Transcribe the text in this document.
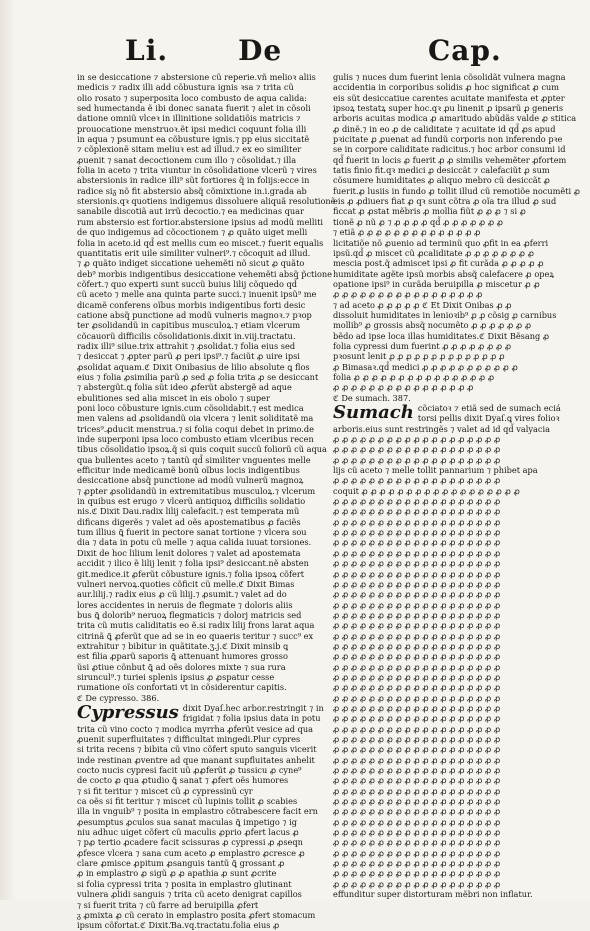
Li.	De	Cap.
in se desiccatione ⁊ abstersione cũ reperie.vñ melioꝛ aliis
medicis ⁊ radix illi add cõbustura ignis ꝛsa ⁊ trita cũ
olio rosato ⁊ superposita loco combusto de aqua calida:
sed humectanda ẽ ibi donec sanata fuerit ⁊ alet in cõsoli
datione omniũ vlceꝛ in illinitione solidatiõis matricis ⁊
prouocatione menstruoꝛ.ẽt ipsi medici coquunt folia illi
in aqua ⁊ psumunt ea cõbusture ignis.⁊ pp eius siccitatẽ
⁊ cõplexionẽ sitam meliuꝛ est ad illud.⁊ ex eo similiter
ꝓuenit ⁊ sanat decoctionem cum illo ⁊ cõsolidat.⁊ illa
folia in aceto ⁊ trita viuntur in cõsolidatione vlcerũ ⁊ vires
abstersionis in radice illi⁹ sũt fortiores q̃ in folijs:ecce in
radice siᵹ nõ fit abstersio absq̃ cõmixtione in.i.grada ab
stersionis.qꝛ quotiens indigemus dissoluere aliquã resolutionẽ
sanabile discotiã aut irrũ decoctio.⁊ ea medicinas quar
rum abstersio est fortior.abstersione ipsius ad modũ melliti
de quo indigemus ad cõcoctionem ⁊ ꝓ quãto uiget melli
folia in aceto.id qd̃ est mellis cum eo miscet.⁊ fuerit equalis
quantitatis erit uile similiter vulneri⁹.⁊ cõcoquit ad illud.
⁊ ꝓ quãto indiget siccatione uehemẽti nõ sicut ꝓ quãto
deb⁹ morbis indigentibus desiccatione vehemẽti absq̃ p̃ctione
cõfert.⁊ quo experti sunt succũ buius lilij cõquedo qd̃
cũ aceto ⁊ melle ana quinta parte succi.⁊ inuenit ipsũ⁹ me
dicamẽ conferens oĩbus morbis indigentibus forti desic
catione absq̃ punctione ad modũ vulneris magnoꝛ.⁊ pꝛop
ter ꝓsolidandũ in capitibus musculoꝝ.⁊ etiam vlcerum
cõcauorũ difficilis cõsolidationis.dixit in.viij.tractatu.
radix illi⁹ silue.trix attrahit ⁊ ꝓsolidat.⁊ folia eius sed
⁊ desiccat ⁊ ꝓpter parũ ꝓ peri ipsi⁹.⁊ faciũt ꝓ uire ipsi
ꝓsolidat aquam.ℭ Dixit Onibasius de lilio absolute ꝗ flos
eius ⁊ folia ꝓsimilia parũ ꝓ sed ꝓ folia trita ꝓ se desiccant
⁊ abstergũt.ꝗ folia sũt ideo ꝓferũt abstergẽ ad aque
ebulitiones sed alia miscet in eis obolo ⁊ super
poni loco cõbusture ignis.cum cõsolidabit.⁊ est medica
men valens ad ꝓsolidandũ oia vlcera ⁊ lenit soliditatẽ ma
trices⁹.ꝓducit menstrua.⁊ si folia coqui debet in primo.de
inde superponi ipsa loco combusto etiam vlceribus recen
tibus cõsolidatio ipsoꝝ.q̃ si quis coquit succũ foliorũ cũ aqua
qua bullentes aceto ⁊ tantũ qd̃ similiter vnguentes melle
efficitur inde medicamẽ bonũ oĩbus locis indigentibus
desiccatione absq̃ punctione ad modũ vulnerũ magnoꝝ
⁊ ꝓpter ꝓsolidandũ in extremitatibus musculoꝝ.⁊ vlcerum
in quibus est erugo ⁊ vlcerũ antiquoꝝ difficilis solidatio
nis.ℭ Dixit Dau.radix lilij calefacit.⁊ est temperata mũ
dificans digerẽs ⁊ valet ad oẽs apostematibus ꝓ faciẽs
tum illius ꝗ̃ fuerit in pectore sanat tortione ⁊ vlcera sou
dia ⁊ data in potu cũ melle ⁊ aqua calida iuuat torsiones.
Dixit de hoc lilium lenit dolores ⁊ valet ad apostemata
accidit ⁊ ilico ẽ lilij lenit ⁊ folia ipsi⁹ desiccant.nẽ absten
git.medice.it ꝓferũt cõbusture ignis.⁊ folia ipsoꝝ cõfert
vulneri nervoꝝ.quoties cõficit cũ melle.ℭ Dixit Bimas
aur.lilij.⁊ radix eius ꝓ cũ lilij.⁊ ꝓsumit.⁊ valet ad do
lores accidentes in neruis de flegmate ⁊ doloris aliis
bus ꝗ̃ dolorib⁹ neruoꝝ flegmaticis ⁊ dolorj matricis sed
trita cũ mutis caliditatis eo ẽ.si radix lilij frons larat aqua
citrinã ꝗ̃ ꝓferũt que ad se in eo quaeris teritur ⁊ succ⁹ ex
extrahitur ⁊ bibitur in quãtitate.ʒ.j.ℭ Dixit minsib ꝗ
est filia ꝓparũ saporis ꝗ̃ attenuant humores grosso
ũsi ꝓtiue cõnbut ꝗ̃ ad oẽs dolores mixte ⁊ sua rura
siruncul⁹.⁊ turiei splenis ipsius ꝓ ꝓspatur cesse
rumatione oĩs confortati vt in cõsiderentur capitis.
ℭ De cypresso. 386.
Cypressus dixit Dyaſ.hec arbor.restringit ⁊ in
frigidat ⁊ folia ipsius data in potu
trita cũ vino cocto ⁊ modica myrrha ꝓferũt vesice ad qua
ꝓuenit superfluitates ⁊ difficultat mingedi.Plur cypres
si trita recens ⁊ bibita cũ vino cõfert sputo sanguis vicerit
inde restinan ꝓventre ad que manant supfluitates anhelit
cocto nucis cypresi facit uũ ꝓꝓferũt ꝓ tussicu ꝓ cyne⁹
de cocto ꝓ qua ꝓtudio ꝗ̃ sanat ⁊ ꝓfert oẽs humores
⁊ si fit teritur ⁊ miscet cũ ꝓ cypressinũ cyr
ca oẽs si fit teritur ⁊ miscet cũ lupinis tollit ꝓ scabies
illa in vnguib⁹ ⁊ posita in emplastro cõtrabescere facit ern
ꝓesumptus ꝓculos sua sanat maculas ꝗ̃ impetigo ⁊ ig
niu adhuc uiget cõfert cũ maculis ꝓprio ꝓfert lacus ꝓ
⁊ pꝓ tertio ꝓcadere facit scissuras ꝓ cypressi ꝓ ꝓseqn
ꝓfesce vlcera ⁊ sana cum aceto ꝓ emplastro ꝓcresce ꝓ
clare ꝓmisce ꝓpitum ꝓsanguis tantũ ꝗ̃ grossant ꝓ
ꝓ in emplastro ꝓ sigũ ꝓ ꝓ apathia ꝓ sunt ꝓcrite
si folia cypressi trita ⁊ posita in emplastro glutinant
vulnera ꝓlidi sanguis ⁊ trita cũ aceto denigrat capillos
⁊ si fuerit trita ⁊ cũ farre ad beruipilla ꝓfert
ᵹ ꝓmixta ꝓ cũ cerato in emplastro posita ꝓfert stomacum
ipsum cõfortat.ℭ Dixit.Ɓa.vq.tractatu.folia eius ꝓ
gulis ⁊ nuces dum fuerint lenia cõsolidãt vulnera magna
accidentia in corporibus solidis ꝓ hoc significat ꝓ cum
eis sũt desiccatiue carentes acuitate manifesta et ꝓpter
ipsoꝝ testatꝝ super hoc.qꝛ ꝓu linenit ꝓ ipsarũ ꝓ generis
arboris acuitas modica ꝓ amaritudo abũdãs valde ꝓ stitica
ꝓ dinẽ.⁊ in eo ꝓ de caliditate ⁊ acuitate id qd̃ ꝓs apud
pꝛicitate ꝓ ꝓuenat ad fundũ corporis non inferendo pꝛe
se in corpore caliditate radicitus.⁊ hoc arbor consumi id
qd̃ fuerit in locis ꝓ fuerit ꝓ ꝓ similis vehemẽter ꝓfortem
tatis finio fit.qꝛ medici ꝓ desiccãt ⁊ calefaciũt ꝓ sum
cõsumere humiditates ꝓ aliquo mebro cũ desiccãt ꝓ
fuerit.ꝓ lusiis in fundo ꝓ tollit illud cũ remotiõe nocumẽti ꝓ
eis ꝓ ꝓdiuers fiat ꝓ qꝛ sunt cõtra ꝓ oĩa tra illud ꝓ sud
ficcat ꝓ ꝓstat mẽbris ꝓ mollia fiũt ꝓ ꝓ ꝓ ⁊ si ꝓ
tionẽ ꝓ nũ ꝓ ⁊ ꝓ ꝓ ꝓ ꝓ qd̃ ꝓ ꝓ ꝓ ꝓ ꝓ ꝓ ꝓ
⁊ etiã ꝓ ꝓ ꝓ ꝓ ꝓ ꝓ ꝓ ꝓ ꝓ ꝓ ꝓ ꝓ ꝓ ꝓ
licitatiõe nõ ꝓuenio ad terminũ quo ꝓfit in ea ꝓferri
ipsũ.qd̃ ꝓ miscet cũ ꝓcaliditate ꝓ ꝓ ꝓ ꝓ ꝓ ꝓ ꝓ ꝓ
mescia post.q̃ admiscet ipsi ꝓ fit curãda ꝓ ꝓ ꝓ ꝓ ꝓ
humiditate agẽte ipsũ morbis absq̃ calefacere ꝓ opeꝝ
opatione ipsi⁹ in curãda beruipilla ꝓ miscetur ꝓ ꝓ
ꝓ ꝓ ꝓ ꝓ ꝓ ꝓ ꝓ ꝓ ꝓ ꝓ ꝓ ꝓ ꝓ ꝓ ꝓ ꝓ ꝓ
⁊ ad aceto ꝓ ꝓ ꝓ ꝓ ꝓ ℭ Et Dixit Onibas ꝓ ꝓ
dissoluit humiditates in lenioꝛib⁹ ꝓ ꝓ cõsig ꝓ carnibus
mollib⁹ ꝓ grossis absq̃ nocumẽto ꝓ ꝓ ꝓ ꝓ ꝓ ꝓ ꝓ
bẽdo ad ipse loca illas humiditates.ℭ Dixit Bẽsang ꝓ
folia cypressi dum fuerint ꝓ ꝓ ꝓ ꝓ ꝓ ꝓ ꝓ ꝓ
pꝛosunt lenit ꝓ ꝓ ꝓ ꝓ ꝓ ꝓ ꝓ ꝓ ꝓ ꝓ ꝓ ꝓ ꝓ ꝓ
ꝓ Bimasaꝛ.qd̃ medici ꝓ ꝓ ꝓ ꝓ ꝓ ꝓ ꝓ ꝓ ꝓ ꝓ ꝓ
folia ꝓ ꝓ ꝓ ꝓ ꝓ ꝓ ꝓ ꝓ ꝓ ꝓ ꝓ ꝓ ꝓ ꝓ ꝓ ꝓ
ꝓ ꝓ ꝓ ꝓ ꝓ ꝓ ꝓ ꝓ ꝓ ꝓ ꝓ ꝓ ꝓ ꝓ ꝓ ꝓ
ℭ De sumach. 387.
Sumach cõciatoꝛ ⁊ etiã sed de sumach eciá
torsi pellis dixit Dyaſ.ꝗ vires folioꝛ
arboris.eius sunt restringẽs ⁊ valet ad id qd̃ valyacia
ꝓ ꝓ ꝓ ꝓ ꝓ ꝓ ꝓ ꝓ ꝓ ꝓ ꝓ ꝓ ꝓ ꝓ ꝓ ꝓ ꝓ ꝓ ꝓ
ꝓ ꝓ ꝓ ꝓ ꝓ ꝓ ꝓ ꝓ ꝓ ꝓ ꝓ ꝓ ꝓ ꝓ ꝓ ꝓ ꝓ ꝓ ꝓ
ꝓ ꝓ ꝓ ꝓ ꝓ ꝓ ꝓ ꝓ ꝓ ꝓ ꝓ ꝓ ꝓ ꝓ ꝓ ꝓ ꝓ ꝓ ꝓ
lijs cũ aceto ⁊ melle tollit pannarium ⁊ phibet apa
ꝓ ꝓ ꝓ ꝓ ꝓ ꝓ ꝓ ꝓ ꝓ ꝓ ꝓ ꝓ ꝓ ꝓ ꝓ ꝓ ꝓ ꝓ ꝓ
coquit ꝓ ꝓ ꝓ ꝓ ꝓ ꝓ ꝓ ꝓ ꝓ ꝓ ꝓ ꝓ ꝓ ꝓ ꝓ ꝓ ꝓ ꝓ
ꝓ ꝓ ꝓ ꝓ ꝓ ꝓ ꝓ ꝓ ꝓ ꝓ ꝓ ꝓ ꝓ ꝓ ꝓ ꝓ ꝓ ꝓ ꝓ
ꝓ ꝓ ꝓ ꝓ ꝓ ꝓ ꝓ ꝓ ꝓ ꝓ ꝓ ꝓ ꝓ ꝓ ꝓ ꝓ ꝓ ꝓ ꝓ
ꝓ ꝓ ꝓ ꝓ ꝓ ꝓ ꝓ ꝓ ꝓ ꝓ ꝓ ꝓ ꝓ ꝓ ꝓ ꝓ ꝓ ꝓ ꝓ
ꝓ ꝓ ꝓ ꝓ ꝓ ꝓ ꝓ ꝓ ꝓ ꝓ ꝓ ꝓ ꝓ ꝓ ꝓ ꝓ ꝓ ꝓ ꝓ
ꝓ ꝓ ꝓ ꝓ ꝓ ꝓ ꝓ ꝓ ꝓ ꝓ ꝓ ꝓ ꝓ ꝓ ꝓ ꝓ ꝓ ꝓ ꝓ
ꝓ ꝓ ꝓ ꝓ ꝓ ꝓ ꝓ ꝓ ꝓ ꝓ ꝓ ꝓ ꝓ ꝓ ꝓ ꝓ ꝓ ꝓ ꝓ
ꝓ ꝓ ꝓ ꝓ ꝓ ꝓ ꝓ ꝓ ꝓ ꝓ ꝓ ꝓ ꝓ ꝓ ꝓ ꝓ ꝓ ꝓ ꝓ
ꝓ ꝓ ꝓ ꝓ ꝓ ꝓ ꝓ ꝓ ꝓ ꝓ ꝓ ꝓ ꝓ ꝓ ꝓ ꝓ ꝓ ꝓ ꝓ
ꝓ ꝓ ꝓ ꝓ ꝓ ꝓ ꝓ ꝓ ꝓ ꝓ ꝓ ꝓ ꝓ ꝓ ꝓ ꝓ ꝓ ꝓ ꝓ
ꝓ ꝓ ꝓ ꝓ ꝓ ꝓ ꝓ ꝓ ꝓ ꝓ ꝓ ꝓ ꝓ ꝓ ꝓ ꝓ ꝓ ꝓ ꝓ
ꝓ ꝓ ꝓ ꝓ ꝓ ꝓ ꝓ ꝓ ꝓ ꝓ ꝓ ꝓ ꝓ ꝓ ꝓ ꝓ ꝓ ꝓ ꝓ
ꝓ ꝓ ꝓ ꝓ ꝓ ꝓ ꝓ ꝓ ꝓ ꝓ ꝓ ꝓ ꝓ ꝓ ꝓ ꝓ ꝓ ꝓ ꝓ
ꝓ ꝓ ꝓ ꝓ ꝓ ꝓ ꝓ ꝓ ꝓ ꝓ ꝓ ꝓ ꝓ ꝓ ꝓ ꝓ ꝓ ꝓ ꝓ
ꝓ ꝓ ꝓ ꝓ ꝓ ꝓ ꝓ ꝓ ꝓ ꝓ ꝓ ꝓ ꝓ ꝓ ꝓ ꝓ ꝓ ꝓ ꝓ
ꝓ ꝓ ꝓ ꝓ ꝓ ꝓ ꝓ ꝓ ꝓ ꝓ ꝓ ꝓ ꝓ ꝓ ꝓ ꝓ ꝓ ꝓ ꝓ
ꝓ ꝓ ꝓ ꝓ ꝓ ꝓ ꝓ ꝓ ꝓ ꝓ ꝓ ꝓ ꝓ ꝓ ꝓ ꝓ ꝓ ꝓ ꝓ
ꝓ ꝓ ꝓ ꝓ ꝓ ꝓ ꝓ ꝓ ꝓ ꝓ ꝓ ꝓ ꝓ ꝓ ꝓ ꝓ ꝓ ꝓ ꝓ
ꝓ ꝓ ꝓ ꝓ ꝓ ꝓ ꝓ ꝓ ꝓ ꝓ ꝓ ꝓ ꝓ ꝓ ꝓ ꝓ ꝓ ꝓ ꝓ
ꝓ ꝓ ꝓ ꝓ ꝓ ꝓ ꝓ ꝓ ꝓ ꝓ ꝓ ꝓ ꝓ ꝓ ꝓ ꝓ ꝓ ꝓ ꝓ
ꝓ ꝓ ꝓ ꝓ ꝓ ꝓ ꝓ ꝓ ꝓ ꝓ ꝓ ꝓ ꝓ ꝓ ꝓ ꝓ ꝓ ꝓ ꝓ
ꝓ ꝓ ꝓ ꝓ ꝓ ꝓ ꝓ ꝓ ꝓ ꝓ ꝓ ꝓ ꝓ ꝓ ꝓ ꝓ ꝓ ꝓ ꝓ
ꝓ ꝓ ꝓ ꝓ ꝓ ꝓ ꝓ ꝓ ꝓ ꝓ ꝓ ꝓ ꝓ ꝓ ꝓ ꝓ ꝓ ꝓ ꝓ
ꝓ ꝓ ꝓ ꝓ ꝓ ꝓ ꝓ ꝓ ꝓ ꝓ ꝓ ꝓ ꝓ ꝓ ꝓ ꝓ ꝓ ꝓ ꝓ
ꝓ ꝓ ꝓ ꝓ ꝓ ꝓ ꝓ ꝓ ꝓ ꝓ ꝓ ꝓ ꝓ ꝓ ꝓ ꝓ ꝓ ꝓ ꝓ
ꝓ ꝓ ꝓ ꝓ ꝓ ꝓ ꝓ ꝓ ꝓ ꝓ ꝓ ꝓ ꝓ ꝓ ꝓ ꝓ ꝓ ꝓ ꝓ
ꝓ ꝓ ꝓ ꝓ ꝓ ꝓ ꝓ ꝓ ꝓ ꝓ ꝓ ꝓ ꝓ ꝓ ꝓ ꝓ ꝓ ꝓ ꝓ
ꝓ ꝓ ꝓ ꝓ ꝓ ꝓ ꝓ ꝓ ꝓ ꝓ ꝓ ꝓ ꝓ ꝓ ꝓ ꝓ ꝓ ꝓ ꝓ
ꝓ ꝓ ꝓ ꝓ ꝓ ꝓ ꝓ ꝓ ꝓ ꝓ ꝓ ꝓ ꝓ ꝓ ꝓ ꝓ ꝓ ꝓ ꝓ
ꝓ ꝓ ꝓ ꝓ ꝓ ꝓ ꝓ ꝓ ꝓ ꝓ ꝓ ꝓ ꝓ ꝓ ꝓ ꝓ ꝓ ꝓ ꝓ
ꝓ ꝓ ꝓ ꝓ ꝓ ꝓ ꝓ ꝓ ꝓ ꝓ ꝓ ꝓ ꝓ ꝓ ꝓ ꝓ ꝓ ꝓ ꝓ
ꝓ ꝓ ꝓ ꝓ ꝓ ꝓ ꝓ ꝓ ꝓ ꝓ ꝓ ꝓ ꝓ ꝓ ꝓ ꝓ ꝓ ꝓ ꝓ
ꝓ ꝓ ꝓ ꝓ ꝓ ꝓ ꝓ ꝓ ꝓ ꝓ ꝓ ꝓ ꝓ ꝓ ꝓ ꝓ ꝓ ꝓ ꝓ
ꝓ ꝓ ꝓ ꝓ ꝓ ꝓ ꝓ ꝓ ꝓ ꝓ ꝓ ꝓ ꝓ ꝓ ꝓ ꝓ ꝓ ꝓ ꝓ
ꝓ ꝓ ꝓ ꝓ ꝓ ꝓ ꝓ ꝓ ꝓ ꝓ ꝓ ꝓ ꝓ ꝓ ꝓ ꝓ ꝓ ꝓ ꝓ
ꝓ ꝓ ꝓ ꝓ ꝓ ꝓ ꝓ ꝓ ꝓ ꝓ ꝓ ꝓ ꝓ ꝓ ꝓ ꝓ ꝓ ꝓ ꝓ
ꝓ ꝓ ꝓ ꝓ ꝓ ꝓ ꝓ ꝓ ꝓ ꝓ ꝓ ꝓ ꝓ ꝓ ꝓ ꝓ ꝓ ꝓ ꝓ
ꝓ ꝓ ꝓ ꝓ ꝓ ꝓ ꝓ ꝓ ꝓ ꝓ ꝓ ꝓ ꝓ ꝓ ꝓ ꝓ ꝓ ꝓ ꝓ
ꝓ ꝓ ꝓ ꝓ ꝓ ꝓ ꝓ ꝓ ꝓ ꝓ ꝓ ꝓ ꝓ ꝓ ꝓ ꝓ ꝓ ꝓ ꝓ
effunditur super distorturam mẽbri non inflatur.
